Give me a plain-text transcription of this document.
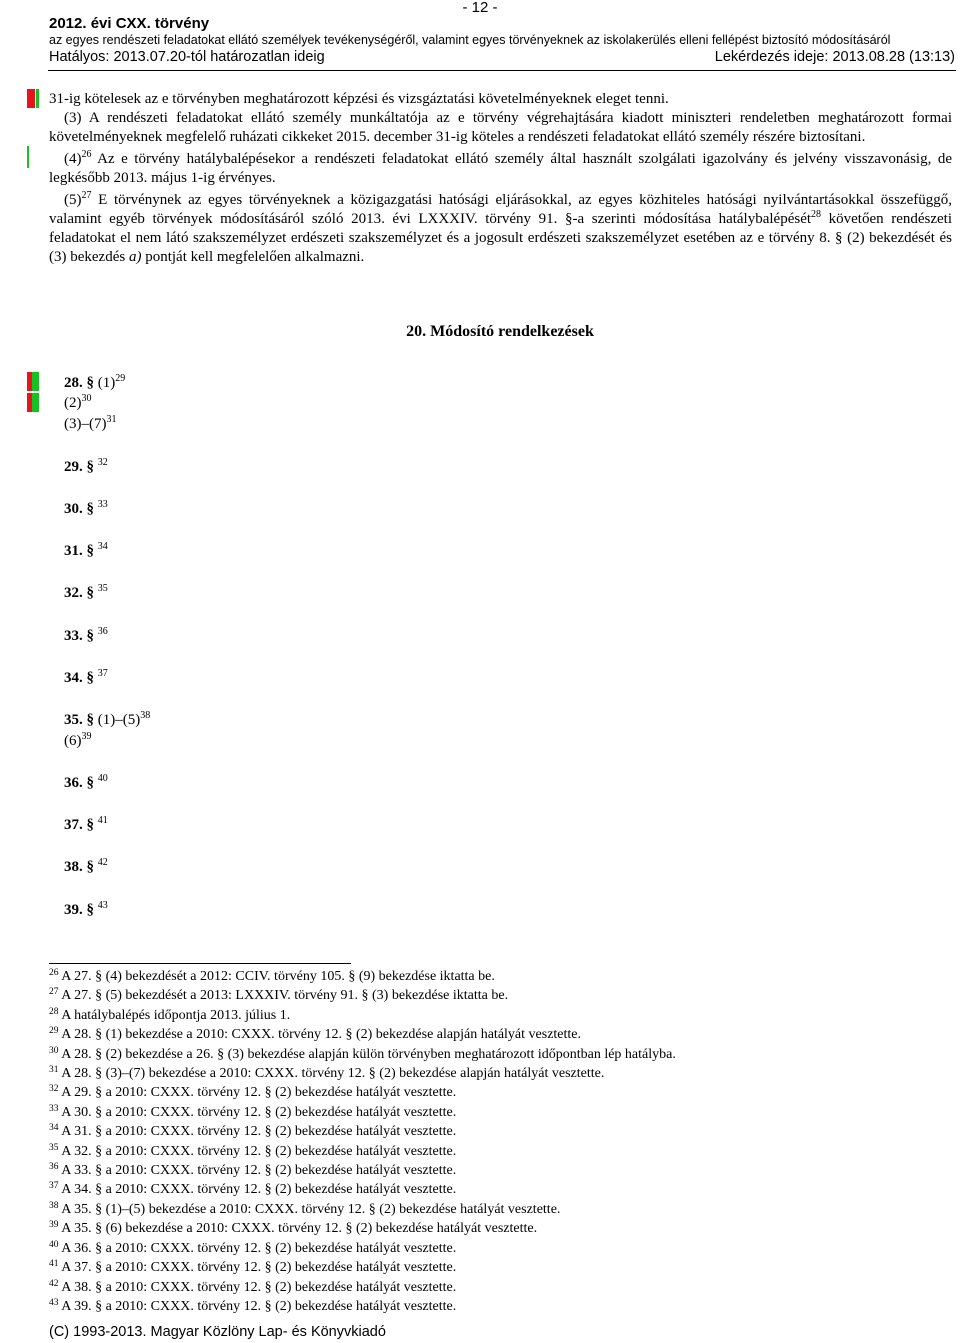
- 12 -
2012. évi CXX. törvény
az egyes rendészeti feladatokat ellátó személyek tevékenységéről, valamint egyes törvényeknek az iskolakerülés elleni fellépést biztosító módosításáról
Hatályos: 2013.07.20-tól határozatlan ideig	Lekérdezés ideje: 2013.08.28 (13:13)

31-ig kötelesek az e törvényben meghatározott képzési és vizsgáztatási követelményeknek eleget tenni.

(3) A rendészeti feladatokat ellátó személy munkáltatója az e törvény végrehajtására kiadott miniszteri rendeletben meghatározott formai követelményeknek megfelelő ruházati cikkeket 2015. december 31-ig köteles a rendészeti feladatokat ellátó személy részére biztosítani.

$(4)^{26}$ Az e törvény hatálybalépésekor a rendészeti feladatokat ellátó személy által használt szolgálati igazolvány és jelvény visszavonásig, de legkésőbb 2013. május 1-ig érvényes.

$(5)^{27}$ E törvénynek az egyes törvényeknek a közigazgatási hatósági eljárásokkal, az egyes közhiteles hatósági nyilvántartásokkal összefüggő, valamint egyéb törvények módosításáról szóló 2013. évi LXXXIV. törvény 91. §-a szerinti módosítása hatálybalépését$^{28}$ követően rendészeti feladatokat el nem látó szakszemélyzet erdészeti szakszemélyzet és a jogosult erdészeti szakszemélyzet esetében az e törvény 8. § (2) bekezdését és (3) bekezdés a) pontját kell megfelelően alkalmazni.

20. Módosító rendelkezések
28. § $(1)^{29}$
$(2)^{30}$
$(3)-(7)^{31}$
29. § $^{32}$
30. § $^{33}$
31. § $^{34}$
32. § $^{35}$
33. § $^{36}$
34. § $^{37}$
35. § $(1)-(5)^{38}$
$(6)^{39}$
36. § $^{40}$
37. § $^{41}$
38. § $^{42}$
39. § $^{43}$
$^{26}$ A 27. § (4) bekezdését a 2012: CCIV. törvény 105. § (9) bekezdése iktatta be.
$^{27}$ A 27. § (5) bekezdését a 2013: LXXXIV. törvény 91. § (3) bekezdése iktatta be.
$^{28}$ A hatálybalépés időpontja 2013. július 1.
$^{29}$ A 28. § (1) bekezdése a 2010: CXXX. törvény 12. § (2) bekezdése alapján hatályát vesztette.
$^{30}$ A 28. § (2) bekezdése a 26. § (3) bekezdése alapján külön törvényben meghatározott időpontban lép hatályba.
$^{31}$ A 28. § (3)–(7) bekezdése a 2010: CXXX. törvény 12. § (2) bekezdése alapján hatályát vesztette.
$^{32}$ A 29. § a 2010: CXXX. törvény 12. § (2) bekezdése hatályát vesztette.
$^{33}$ A 30. § a 2010: CXXX. törvény 12. § (2) bekezdése hatályát vesztette.
$^{34}$ A 31. § a 2010: CXXX. törvény 12. § (2) bekezdése hatályát vesztette.
$^{35}$ A 32. § a 2010: CXXX. törvény 12. § (2) bekezdése hatályát vesztette.
$^{36}$ A 33. § a 2010: CXXX. törvény 12. § (2) bekezdése hatályát vesztette.
$^{37}$ A 34. § a 2010: CXXX. törvény 12. § (2) bekezdése hatályát vesztette.
$^{38}$ A 35. § (1)–(5) bekezdése a 2010: CXXX. törvény 12. § (2) bekezdése hatályát vesztette.
$^{39}$ A 35. § (6) bekezdése a 2010: CXXX. törvény 12. § (2) bekezdése hatályát vesztette.
$^{40}$ A 36. § a 2010: CXXX. törvény 12. § (2) bekezdése hatályát vesztette.
$^{41}$ A 37. § a 2010: CXXX. törvény 12. § (2) bekezdése hatályát vesztette.
$^{42}$ A 38. § a 2010: CXXX. törvény 12. § (2) bekezdése hatályát vesztette.
$^{43}$ A 39. § a 2010: CXXX. törvény 12. § (2) bekezdése hatályát vesztette.
(C) 1993-2013. Magyar Közlöny Lap- és Könyvkiadó
